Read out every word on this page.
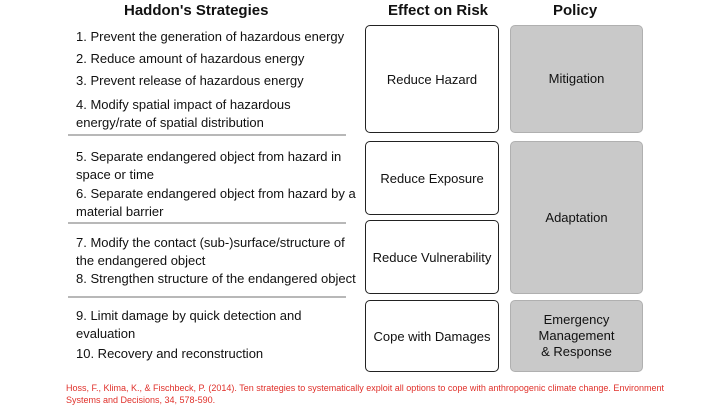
Haddon's Strategies	Effect on Risk	Policy
1. Prevent the generation of hazardous energy
2. Reduce amount of hazardous energy
3. Prevent release of hazardous energy
4. Modify spatial impact of hazardous energy/rate of spatial distribution
5. Separate endangered object from hazard in space or time
6. Separate endangered object from hazard by a material barrier
7. Modify the contact (sub-)surface/structure of the endangered object
8. Strengthen structure of the endangered object
9. Limit damage by quick detection and evaluation
10. Recovery and reconstruction
Reduce Hazard
Reduce Exposure
Reduce Vulnerability
Cope with Damages
Mitigation
Adaptation
Emergency Management & Response
Hoss, F., Klima, K., & Fischbeck, P. (2014). Ten strategies to systematically exploit all options to cope with anthropogenic climate change. Environment Systems and Decisions, 34, 578-590.
